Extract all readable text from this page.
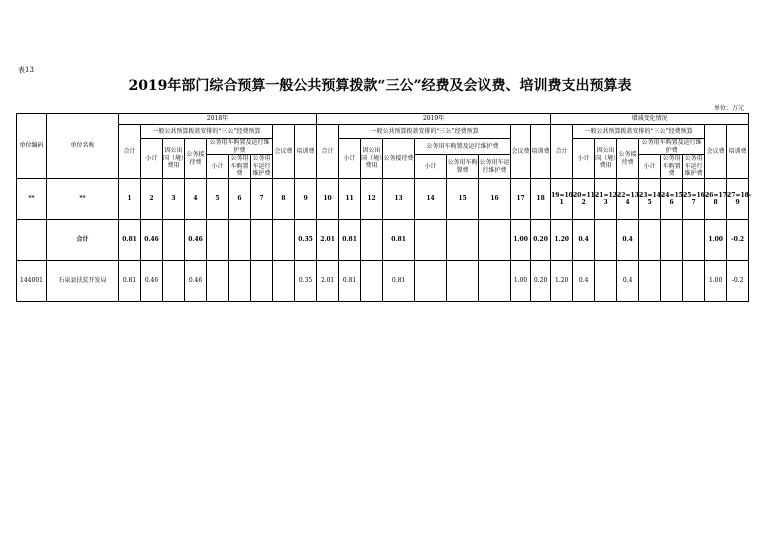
表13
2019年部门综合预算一般公共预算拨款“三公”经费及会议费、培训费支出预算表
单位：万元
单位编码	单位名称	2018年									2019年									增减变化情况								
		合计	一般公共预算拨款安排的“三公”经费预算						会议费	培训费	合计	一般公共预算拨款安排的“三公”经费预算						会议费	培训费	合计	一般公共预算拨款安排的“三公”经费预算						会议费	培训费
			小计	因公出国（境）费用	公务接待费	公务用车购置及运行维护费						小计	因公出国（境）费用	公务接待费	公务用车购置及运行维护费						小计	因公出国（境）费用	公务接待费	公务用车购置及运行维护费				
						小计	公务用车购置费	公务用车运行维护费							小计	公务用车购置费	公务用车运行维护费							小计	公务用车购置费	公务用车运行维护费		
**	**	1	2	3	4	5	6	7	8	9	10	11	12	13	14	15	16	17	18	19=10-1	20=11-2	21=12-3	22=13-4	23=14-5	24=15-6	25=16-7	26=17-8	27=18-9
	合计	0.81	0.46		0.46					0.35	2.01	0.81		0.81				1.00	0.20	1.20	0.4		0.4				1.00	-0.2
144001	石泉县扶贫开发局	0.81	0.46		0.46					0.35	2.01	0.81		0.81				1.00	0.20	1.20	0.4		0.4				1.00	-0.2
